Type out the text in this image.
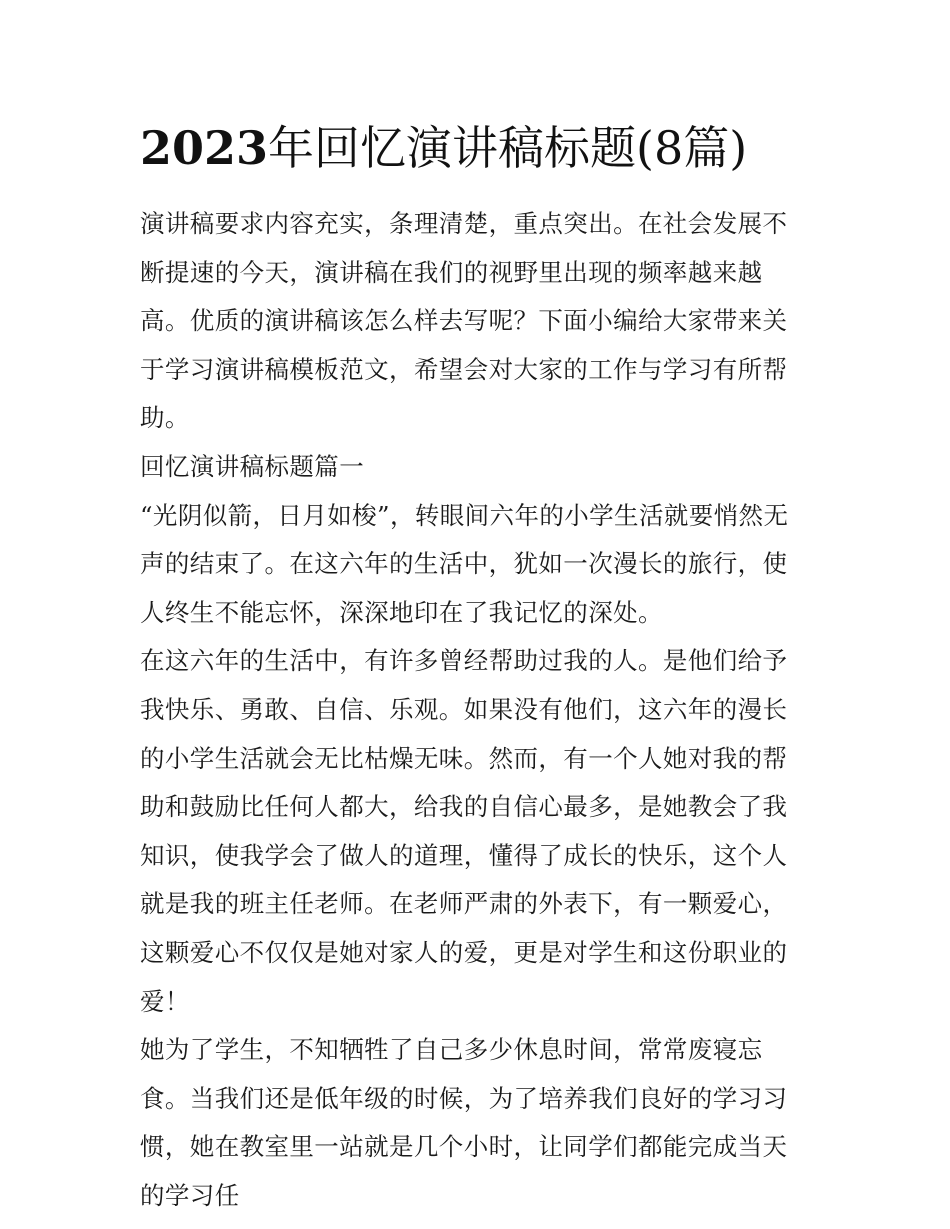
2023年回忆演讲稿标题(8篇)

演讲稿要求内容充实，条理清楚，重点突出。在社会发展不断提速的今天，演讲稿在我们的视野里出现的频率越来越高。优质的演讲稿该怎么样去写呢？下面小编给大家带来关于学习演讲稿模板范文，希望会对大家的工作与学习有所帮助。

回忆演讲稿标题篇一

“光阴似箭，日月如梭”，转眼间六年的小学生活就要悄然无声的结束了。在这六年的生活中，犹如一次漫长的旅行，使人终生不能忘怀，深深地印在了我记忆的深处。

在这六年的生活中，有许多曾经帮助过我的人。是他们给予我快乐、勇敢、自信、乐观。如果没有他们，这六年的漫长的小学生活就会无比枯燥无味。然而，有一个人她对我的帮助和鼓励比任何人都大，给我的自信心最多，是她教会了我知识，使我学会了做人的道理，懂得了成长的快乐，这个人就是我的班主任老师。在老师严肃的外表下，有一颗爱心，这颗爱心不仅仅是她对家人的爱，更是对学生和这份职业的爱！

她为了学生，不知牺牲了自己多少休息时间，常常废寝忘食。当我们还是低年级的时候，为了培养我们良好的学习习惯，她在教室里一站就是几个小时，让同学们都能完成当天的学习任
